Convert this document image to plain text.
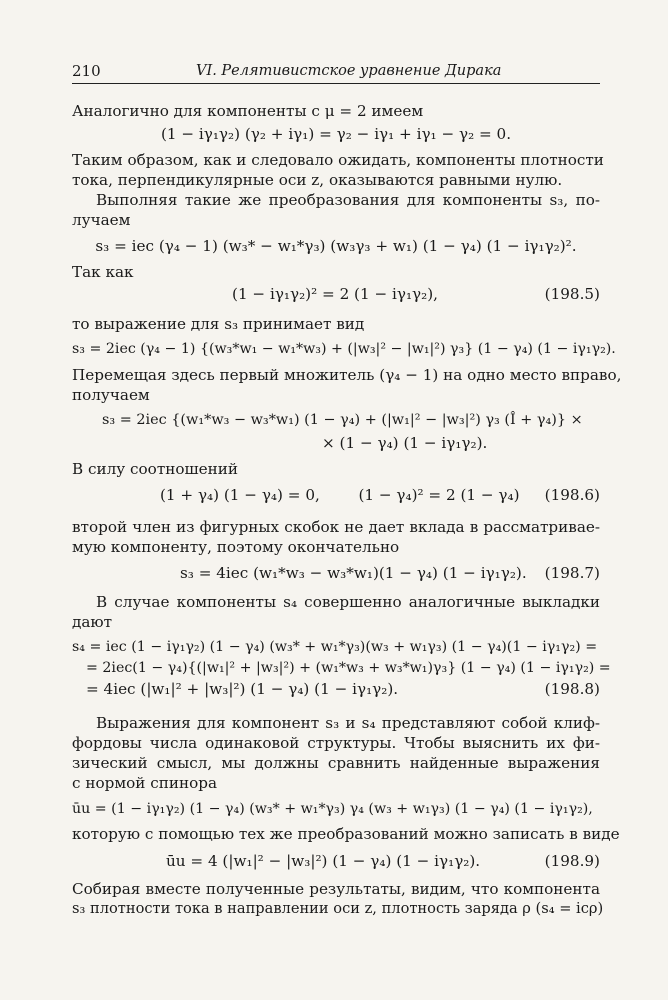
210	VI. Релятивистское уравнение Дирака
Аналогично для компоненты с μ = 2 имеем
(1 − iγ₁γ₂) (γ₂ + iγ₁) = γ₂ − iγ₁ + iγ₁ − γ₂ = 0.
Таким образом, как и следовало ожидать, компоненты плотности
тока, перпендикулярные оси z, оказываются равными нулю.
Выполняя такие же преобразования для компоненты s₃, по-
лучаем
s₃ = iec (γ₄ − 1) (w₃* − w₁*γ₃) (w₃γ₃ + w₁) (1 − γ₄) (1 − iγ₁γ₂)².
Так как
(1 − iγ₁γ₂)² = 2 (1 − iγ₁γ₂),	(198.5)
то выражение для s₃ принимает вид
s₃ = 2iec (γ₄ − 1) {(w₃*w₁ − w₁*w₃) + (|w₃|² − |w₁|²) γ₃} (1 − γ₄) (1 − iγ₁γ₂).
Перемещая здесь первый множитель (γ₄ − 1) на одно место вправо,
получаем
s₃ = 2iec {(w₁*w₃ − w₃*w₁) (1 − γ₄) + (|w₁|² − |w₃|²) γ₃ (Î + γ₄)} ×
× (1 − γ₄) (1 − iγ₁γ₂).
В силу соотношений
(1 + γ₄) (1 − γ₄) = 0,        (1 − γ₄)² = 2 (1 − γ₄)	(198.6)
второй член из фигурных скобок не дает вклада в рассматривае-
мую компоненту, поэтому окончательно
s₃ = 4iec (w₁*w₃ − w₃*w₁)(1 − γ₄) (1 − iγ₁γ₂).	(198.7)
В случае компоненты s₄ совершенно аналогичные выкладки
дают
s₄ = iec (1 − iγ₁γ₂) (1 − γ₄) (w₃* + w₁*γ₃)(w₃ + w₁γ₃) (1 − γ₄)(1 − iγ₁γ₂) =
= 2iec(1 − γ₄){(|w₁|² + |w₃|²) + (w₁*w₃ + w₃*w₁)γ₃} (1 − γ₄) (1 − iγ₁γ₂) =
= 4iec (|w₁|² + |w₃|²) (1 − γ₄) (1 − iγ₁γ₂).	(198.8)
Выражения для компонент s₃ и s₄ представляют собой клиф-
фордовы числа одинаковой структуры. Чтобы выяснить их фи-
зический смысл, мы должны сравнить найденные выражения
с нормой спинора
ūu = (1 − iγ₁γ₂) (1 − γ₄) (w₃* + w₁*γ₃) γ₄ (w₃ + w₁γ₃) (1 − γ₄) (1 − iγ₁γ₂),
которую с помощью тех же преобразований можно записать в виде
ūu = 4 (|w₁|² − |w₃|²) (1 − γ₄) (1 − iγ₁γ₂).	(198.9)
Собирая вместе полученные результаты, видим, что компонента
s₃ плотности тока в направлении оси z, плотность заряда ρ (s₄ = icρ)
